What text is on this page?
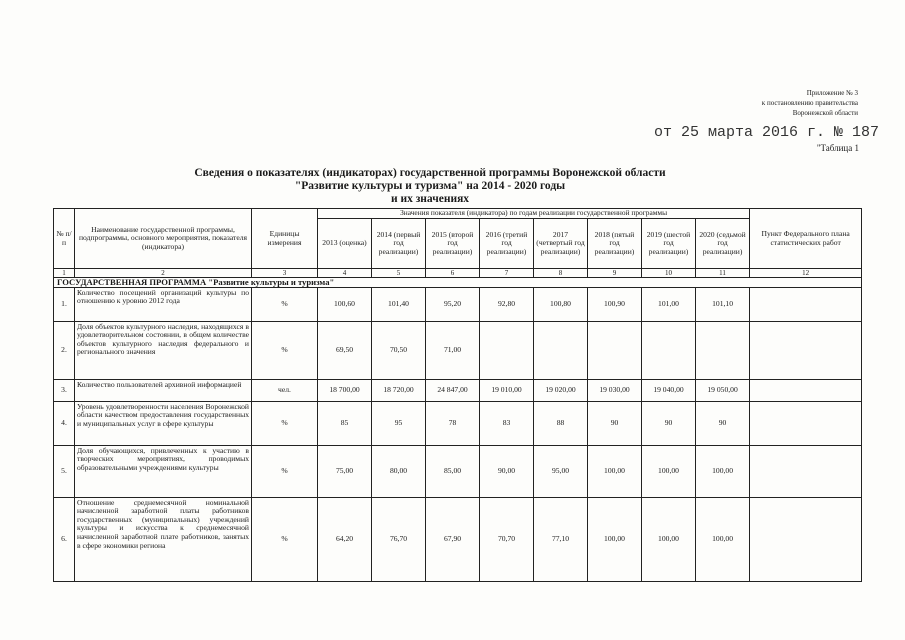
Приложение № 3
к постановлению правительства
Воронежской области
от 25 марта 2016 г. № 187
"Таблица 1
Сведения о показателях (индикаторах) государственной программы Воронежской области
"Развитие культуры и туризма" на 2014 - 2020 годы
и их значениях
№ п/п	Наименование государственной программы, подпрограммы, основного мероприятия, показателя (индикатора)	Единицы измерения	Значения показателя (индикатора) по годам реализации государственной программы								Пункт Федерального плана статистических работ
			2013 (оценка)	2014 (первый год реализации)	2015 (второй год реализации)	2016 (третий год реализации)	2017 (четвертый год реализации)	2018 (пятый год реализации)	2019 (шестой год реализации)	2020 (седьмой год реализации)	
1	2	3	4	5	6	7	8	9	10	11	12
ГОСУДАРСТВЕННАЯ ПРОГРАММА "Развитие культуры и туризма"											
1.	Количество посещений организаций культуры по отношению к уровню 2012 года	%	100,60	101,40	95,20	92,80	100,80	100,90	101,00	101,10	
2.	Доля объектов культурного наследия, находящихся в удовлетворительном состоянии, в общем количестве объектов культурного наследия федерального и регионального значения	%	69,50	70,50	71,00						
3.	Количество пользователей архивной информацией	чел.	18 700,00	18 720,00	24 847,00	19 010,00	19 020,00	19 030,00	19 040,00	19 050,00	
4.	Уровень удовлетворенности населения Воронежской области качеством предоставления государственных и муниципальных услуг в сфере культуры	%	85	95	78	83	88	90	90	90	
5.	Доля обучающихся, привлеченных к участию в творческих мероприятиях, проводимых образовательными учреждениями культуры	%	75,00	80,00	85,00	90,00	95,00	100,00	100,00	100,00	
6.	Отношение среднемесячной номинальной начисленной заработной платы работников государственных (муниципальных) учреждений культуры и искусства к среднемесячной начисленной заработной плате работников, занятых в сфере экономики региона	%	64,20	76,70	67,90	70,70	77,10	100,00	100,00	100,00	
